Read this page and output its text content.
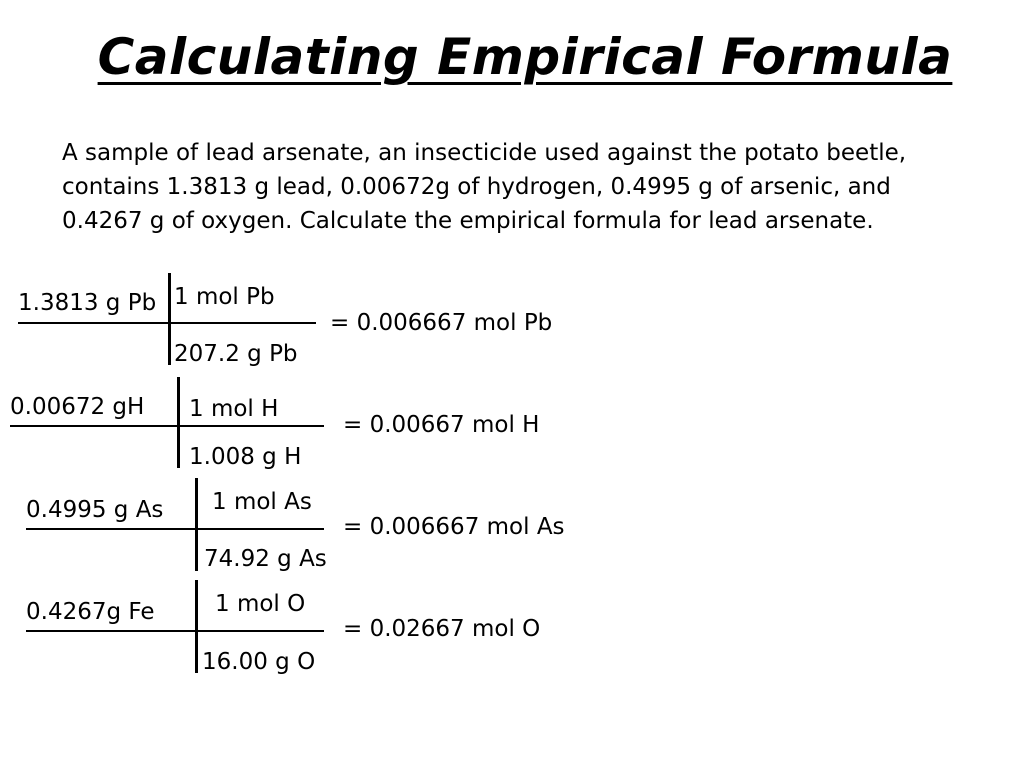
Calculating Empirical Formula
A sample of lead arsenate, an insecticide used against the potato beetle, contains 1.3813 g lead, 0.00672g of hydrogen, 0.4995 g of arsenic, and 0.4267 g of oxygen. Calculate the empirical formula for lead arsenate.
1.3813 g Pb 1 mol Pb
207.2 g Pb
= 0.006667 mol Pb
0.00672 gH 1 mol H
1.008 g H
= 0.00667 mol H
0.4995 g As 1 mol As
74.92 g As
= 0.006667 mol As
0.4267g Fe	1 mol O
16.00 g O
= 0.02667 mol O
